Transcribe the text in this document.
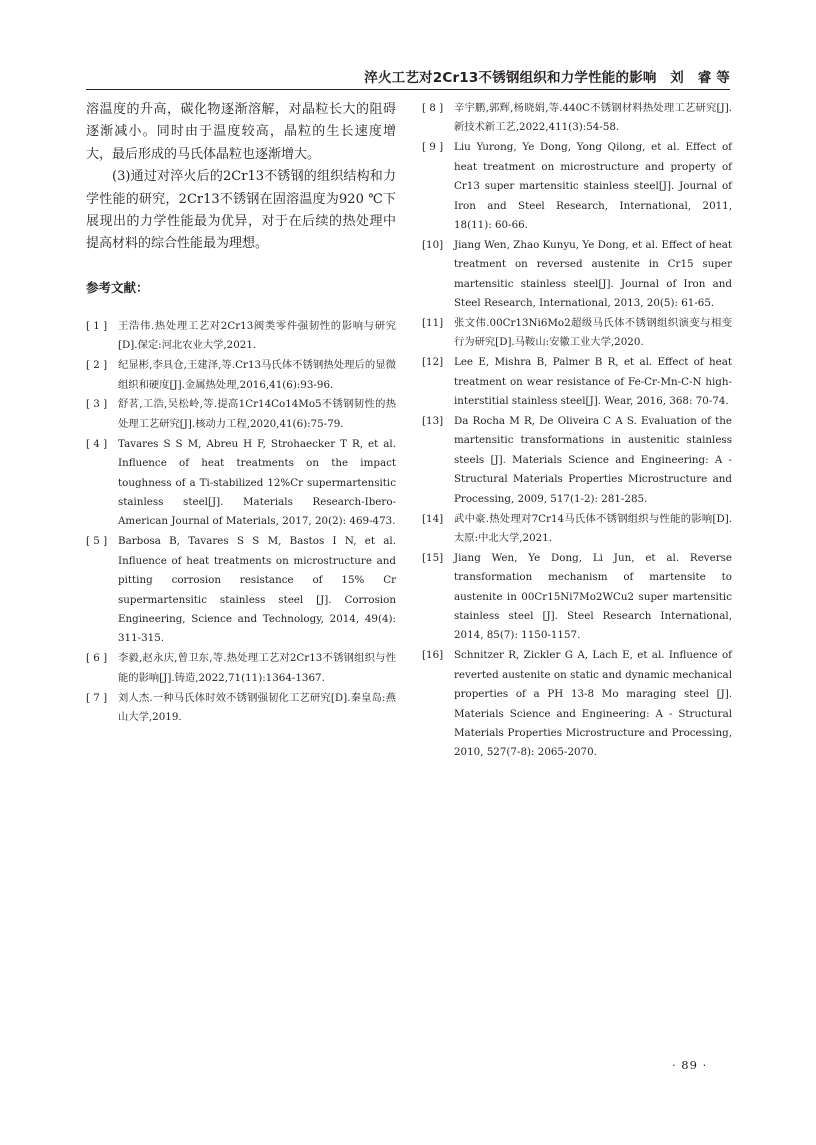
淬火工艺对2Cr13不锈钢组织和力学性能的影响　刘　睿 等

溶温度的升高，碳化物逐渐溶解，对晶粒长大的阻碍逐渐减小。同时由于温度较高，晶粒的生长速度增大，最后形成的马氏体晶粒也逐渐增大。

(3)通过对淬火后的2Cr13不锈钢的组织结构和力学性能的研究，2Cr13不锈钢在固溶温度为920 ℃下展现出的力学性能最为优异，对于在后续的热处理中提高材料的综合性能最为理想。

参考文献：
[ 1 ]	王浩伟.热处理工艺对2Cr13阀类零件强韧性的影响与研究[D].保定:河北农业大学,2021.
[ 2 ]	纪显彬,李具仓,王建泽,等.Cr13马氏体不锈钢热处理后的显微组织和硬度[J].金属热处理,2016,41(6):93-96.
[ 3 ]	舒茗,工浩,吴松岭,等.提高1Cr14Co14Mo5不锈钢韧性的热处理工艺研究[J].核动力工程,2020,41(6):75-79.
[ 4 ]	Tavares S S M, Abreu H F, Strohaecker T R, et al. Influence of heat treatments on the impact toughness of a Ti-stabilized 12%Cr supermartensitic stainless steel[J]. Materials Research-Ibero-American Journal of Materials, 2017, 20(2): 469-473.
[ 5 ]	Barbosa B, Tavares S S M, Bastos I N, et al. Influence of heat treatments on microstructure and pitting corrosion resistance of 15% Cr supermartensitic stainless steel [J]. Corrosion Engineering, Science and Technology, 2014, 49(4): 311-315.
[ 6 ]	李毅,赵永庆,曾卫东,等.热处理工艺对2Cr13不锈钢组织与性能的影响[J].铸造,2022,71(11):1364-1367.
[ 7 ]	刘人杰.一种马氏体时效不锈钢强韧化工艺研究[D].秦皇岛:燕山大学,2019.
[ 8 ]	辛宇鹏,郭辉,杨晓娟,等.440C不锈钢材料热处理工艺研究[J].新技术新工艺,2022,411(3):54-58.
[ 9 ]	Liu Yurong, Ye Dong, Yong Qilong, et al. Effect of heat treatment on microstructure and property of Cr13 super martensitic stainless steel[J]. Journal of Iron and Steel Research, International, 2011, 18(11): 60-66.
[10]	Jiang Wen, Zhao Kunyu, Ye Dong, et al. Effect of heat treatment on reversed austenite in Cr15 super martensitic stainless steel[J]. Journal of Iron and Steel Research, International, 2013, 20(5): 61-65.
[11]	张文伟.00Cr13Ni6Mo2超级马氏体不锈钢组织演变与相变行为研究[D].马鞍山:安徽工业大学,2020.
[12]	Lee E, Mishra B, Palmer B R, et al. Effect of heat treatment on wear resistance of Fe-Cr-Mn-C-N high-interstitial stainless steel[J]. Wear, 2016, 368: 70-74.
[13]	Da Rocha M R, De Oliveira C A S. Evaluation of the martensitic transformations in austenitic stainless steels [J]. Materials Science and Engineering: A - Structural Materials Properties Microstructure and Processing, 2009, 517(1-2): 281-285.
[14]	武中豪.热处理对7Cr14马氏体不锈钢组织与性能的影响[D].太原:中北大学,2021.
[15]	Jiang Wen, Ye Dong, Li Jun, et al. Reverse transformation mechanism of martensite to austenite in 00Cr15Ni7Mo2WCu2 super martensitic stainless steel [J]. Steel Research International, 2014, 85(7): 1150-1157.
[16]	Schnitzer R, Zickler G A, Lach E, et al. Influence of reverted austenite on static and dynamic mechanical properties of a PH 13-8 Mo maraging steel [J]. Materials Science and Engineering: A - Structural Materials Properties Microstructure and Processing, 2010, 527(7-8): 2065-2070.
· 89 ·
